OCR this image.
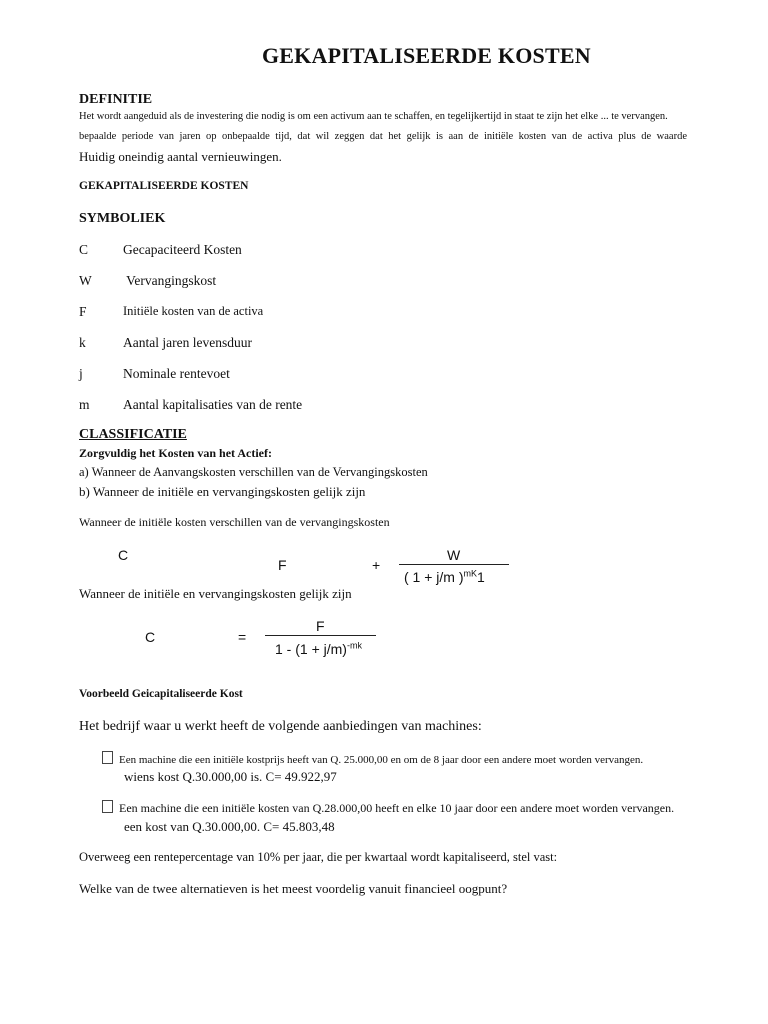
GEKAPITALISEERDE KOSTEN
DEFINITIE
Het wordt aangeduid als de investering die nodig is om een activum aan te schaffen, en tegelijkertijd in staat te zijn het elke ... te vervangen.
bepaalde periode van jaren op onbepaalde tijd, dat wil zeggen dat het gelijk is aan de initiële kosten van de activa plus de waarde
Huidig oneindig aantal vernieuwingen.
GEKAPITALISEERDE KOSTEN
SYMBOLIEK
C	Gecapaciteerd Kosten
W Vervangingskost
F	Initiële kosten van de activa
k	Aantal jaren levensduur
j	Nominale rentevoet
m Aantal kapitalisaties van de rente
CLASSIFICATIE
Zorgvuldig het Kosten van het Actief:
a) Wanneer de Aanvangskosten verschillen van de Vervangingskosten
b) Wanneer de initiële en vervangingskosten gelijk zijn
Wanneer de initiële kosten verschillen van de vervangingskosten
C
F	+
W
( 1 + j/m )$^{mK}$1
Wanneer de initiële en vervangingskosten gelijk zijn
C	=
F
$1 - (1 + j/m)^{-mk}$
Voorbeeld Geicapitaliseerde Kost
Het bedrijf waar u werkt heeft de volgende aanbiedingen van machines:
Een machine die een initiële kostprijs heeft van Q. 25.000,00 en om de 8 jaar door een andere moet worden vervangen.
wiens kost Q.30.000,00 is. C= 49.922,97
Een machine die een initiële kosten van Q.28.000,00 heeft en elke 10 jaar door een andere moet worden vervangen.
een kost van Q.30.000,00. C= 45.803,48
Overweeg een rentepercentage van 10% per jaar, die per kwartaal wordt kapitaliseerd, stel vast:
Welke van de twee alternatieven is het meest voordelig vanuit financieel oogpunt?
